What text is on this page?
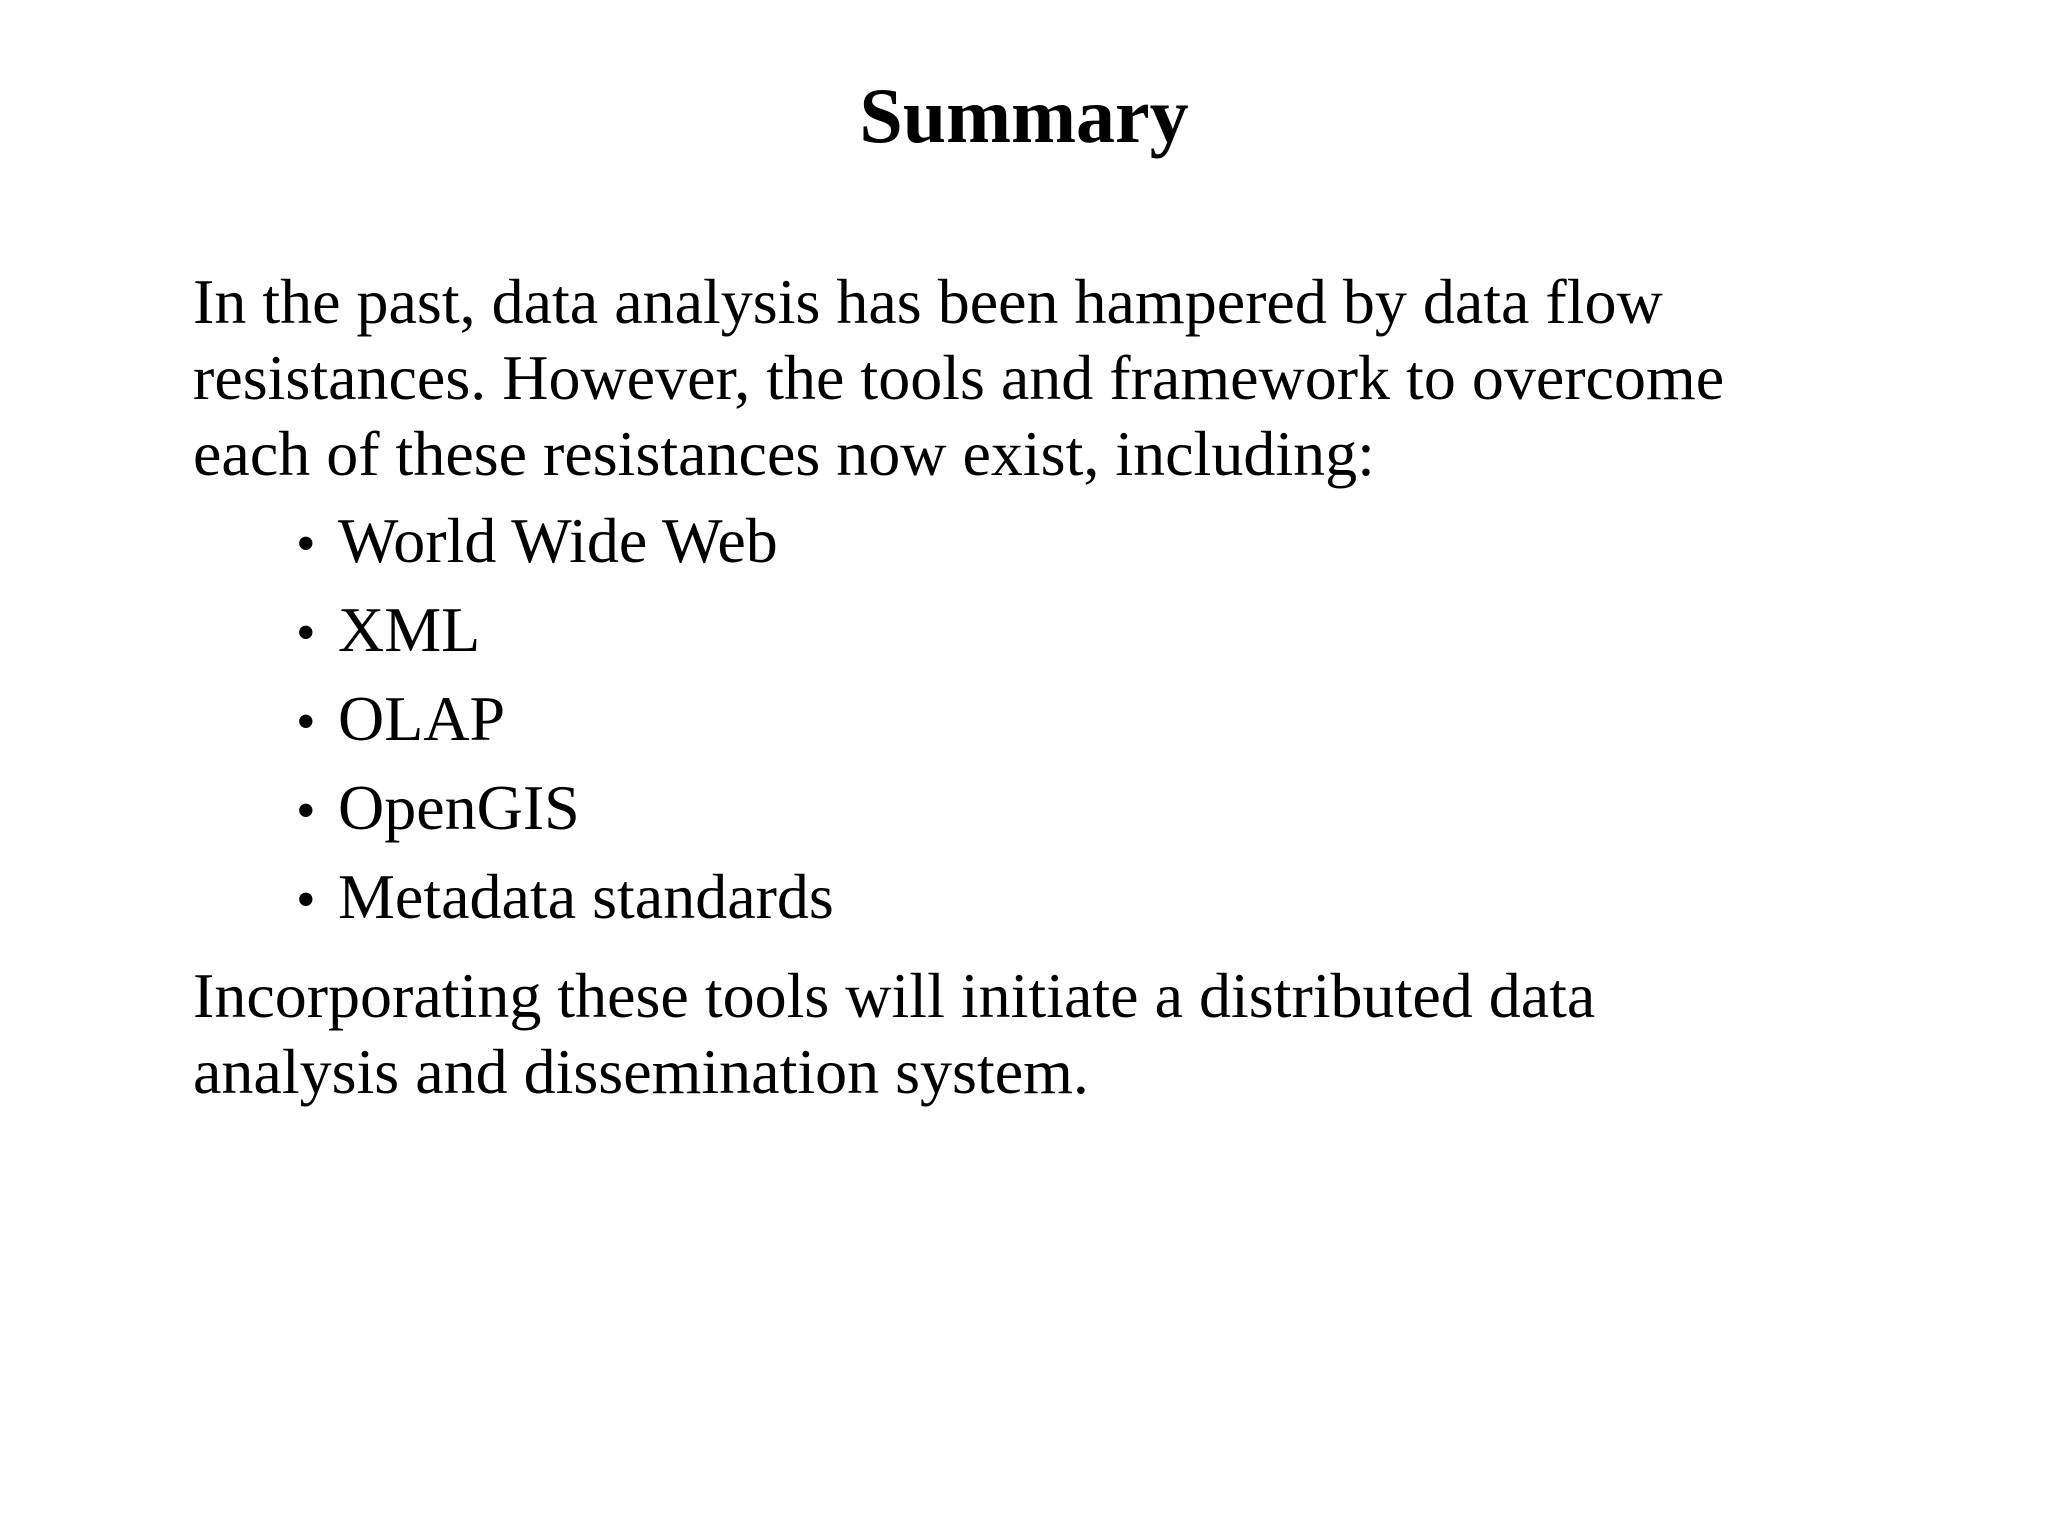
Summary

In the past, data analysis has been hampered by data flow
resistances. However, the tools and framework to overcome
each of these resistances now exist, including:

• World Wide Web
• XML
• OLAP
• OpenGIS
• Metadata standards

Incorporating these tools will initiate a distributed data
analysis and dissemination system.
